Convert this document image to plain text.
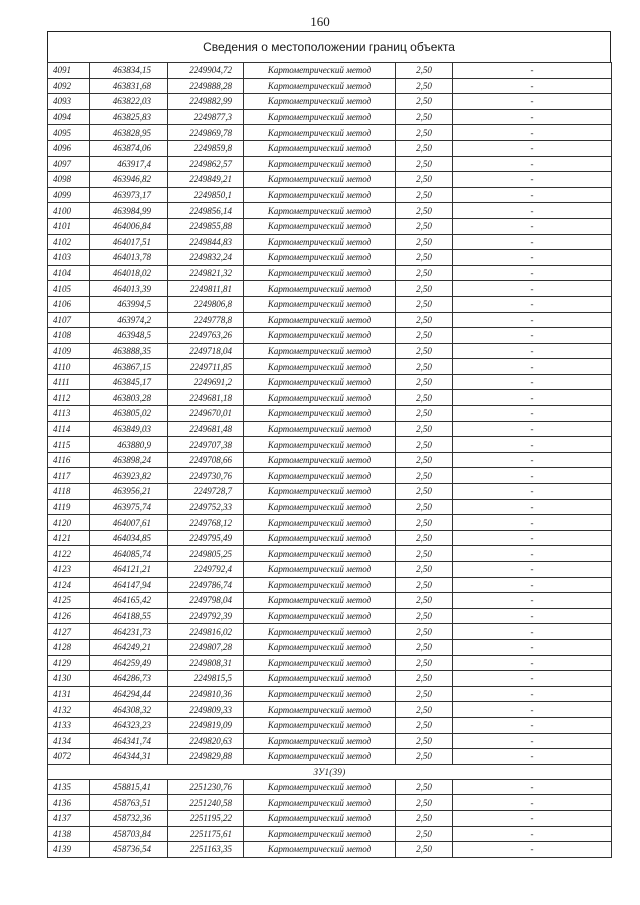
160
Сведения о местоположении границ объекта
4091	463834,15	2249904,72	Картометрический метод	2,50	-
4092	463831,68	2249888,28	Картометрический метод	2,50	-
4093	463822,03	2249882,99	Картометрический метод	2,50	-
4094	463825,83	2249877,3	Картометрический метод	2,50	-
4095	463828,95	2249869,78	Картометрический метод	2,50	-
4096	463874,06	2249859,8	Картометрический метод	2,50	-
4097	463917,4	2249862,57	Картометрический метод	2,50	-
4098	463946,82	2249849,21	Картометрический метод	2,50	-
4099	463973,17	2249850,1	Картометрический метод	2,50	-
4100	463984,99	2249856,14	Картометрический метод	2,50	-
4101	464006,84	2249855,88	Картометрический метод	2,50	-
4102	464017,51	2249844,83	Картометрический метод	2,50	-
4103	464013,78	2249832,24	Картометрический метод	2,50	-
4104	464018,02	2249821,32	Картометрический метод	2,50	-
4105	464013,39	2249811,81	Картометрический метод	2,50	-
4106	463994,5	2249806,8	Картометрический метод	2,50	-
4107	463974,2	2249778,8	Картометрический метод	2,50	-
4108	463948,5	2249763,26	Картометрический метод	2,50	-
4109	463888,35	2249718,04	Картометрический метод	2,50	-
4110	463867,15	2249711,85	Картометрический метод	2,50	-
4111	463845,17	2249691,2	Картометрический метод	2,50	-
4112	463803,28	2249681,18	Картометрический метод	2,50	-
4113	463805,02	2249670,01	Картометрический метод	2,50	-
4114	463849,03	2249681,48	Картометрический метод	2,50	-
4115	463880,9	2249707,38	Картометрический метод	2,50	-
4116	463898,24	2249708,66	Картометрический метод	2,50	-
4117	463923,82	2249730,76	Картометрический метод	2,50	-
4118	463956,21	2249728,7	Картометрический метод	2,50	-
4119	463975,74	2249752,33	Картометрический метод	2,50	-
4120	464007,61	2249768,12	Картометрический метод	2,50	-
4121	464034,85	2249795,49	Картометрический метод	2,50	-
4122	464085,74	2249805,25	Картометрический метод	2,50	-
4123	464121,21	2249792,4	Картометрический метод	2,50	-
4124	464147,94	2249786,74	Картометрический метод	2,50	-
4125	464165,42	2249798,04	Картометрический метод	2,50	-
4126	464188,55	2249792,39	Картометрический метод	2,50	-
4127	464231,73	2249816,02	Картометрический метод	2,50	-
4128	464249,21	2249807,28	Картометрический метод	2,50	-
4129	464259,49	2249808,31	Картометрический метод	2,50	-
4130	464286,73	2249815,5	Картометрический метод	2,50	-
4131	464294,44	2249810,36	Картометрический метод	2,50	-
4132	464308,32	2249809,33	Картометрический метод	2,50	-
4133	464323,23	2249819,09	Картометрический метод	2,50	-
4134	464341,74	2249820,63	Картометрический метод	2,50	-
4072	464344,31	2249829,88	Картометрический метод	2,50	-
ЗУ1(39)					
4135	458815,41	2251230,76	Картометрический метод	2,50	-
4136	458763,51	2251240,58	Картометрический метод	2,50	-
4137	458732,36	2251195,22	Картометрический метод	2,50	-
4138	458703,84	2251175,61	Картометрический метод	2,50	-
4139	458736,54	2251163,35	Картометрический метод	2,50	-
